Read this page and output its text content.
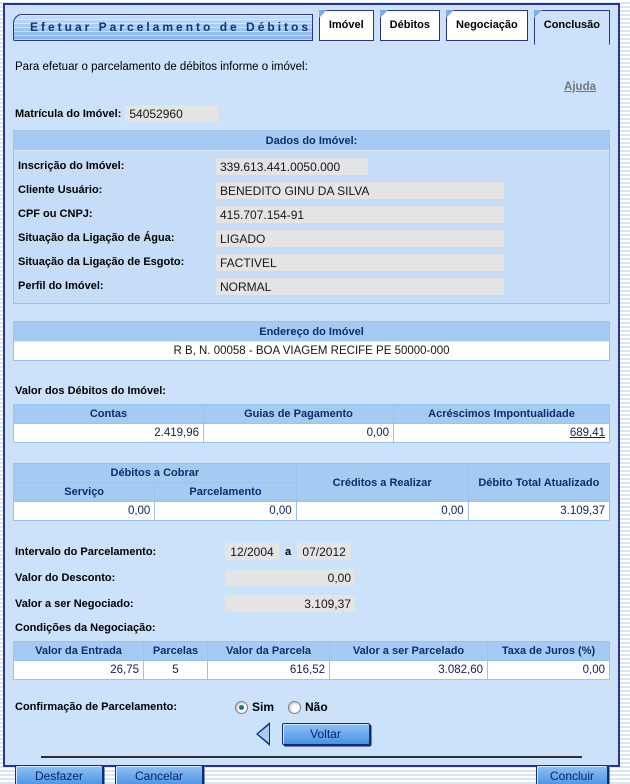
Efetuar Parcelamento de Débitos	Imóvel	Débitos	Negociação	Conclusão
Para efetuar o parcelamento de débitos informe o imóvel:
Ajuda
Matrícula do Imóvel: 54052960
Dados do Imóvel:
Inscrição do Imóvel:	339.613.441.0050.000
Cliente Usuário:	BENEDITO GINU DA SILVA
CPF ou CNPJ:	415.707.154-91
Situação da Ligação de Água:	LIGADO
Situação da Ligação de Esgoto:	FACTIVEL
Perfil do Imóvel:	NORMAL
Endereço do Imóvel
R B, N. 00058 - BOA VIAGEM RECIFE PE 50000-000
Valor dos Débitos do Imóvel:
Contas	Guias de Pagamento	Acréscimos Impontualidade
2.419,96	0,00	689,41
Débitos a Cobrar		Créditos a Realizar	Débito Total Atualizado
Serviço	Parcelamento		
0,00	0,00	0,00	3.109,37
Intervalo do Parcelamento:	12/2004	a 07/2012
Valor do Desconto:	0,00
Valor a ser Negociado:	3.109,37
Condições da Negociação:
Valor da Entrada	Parcelas	Valor da Parcela	Valor a ser Parcelado	Taxa de Juros (%)
26,75	5	616,52	3.082,60	0,00
Confirmação de Parcelamento:	Sim	Não
Voltar
Desfazer	Cancelar	Concluir
